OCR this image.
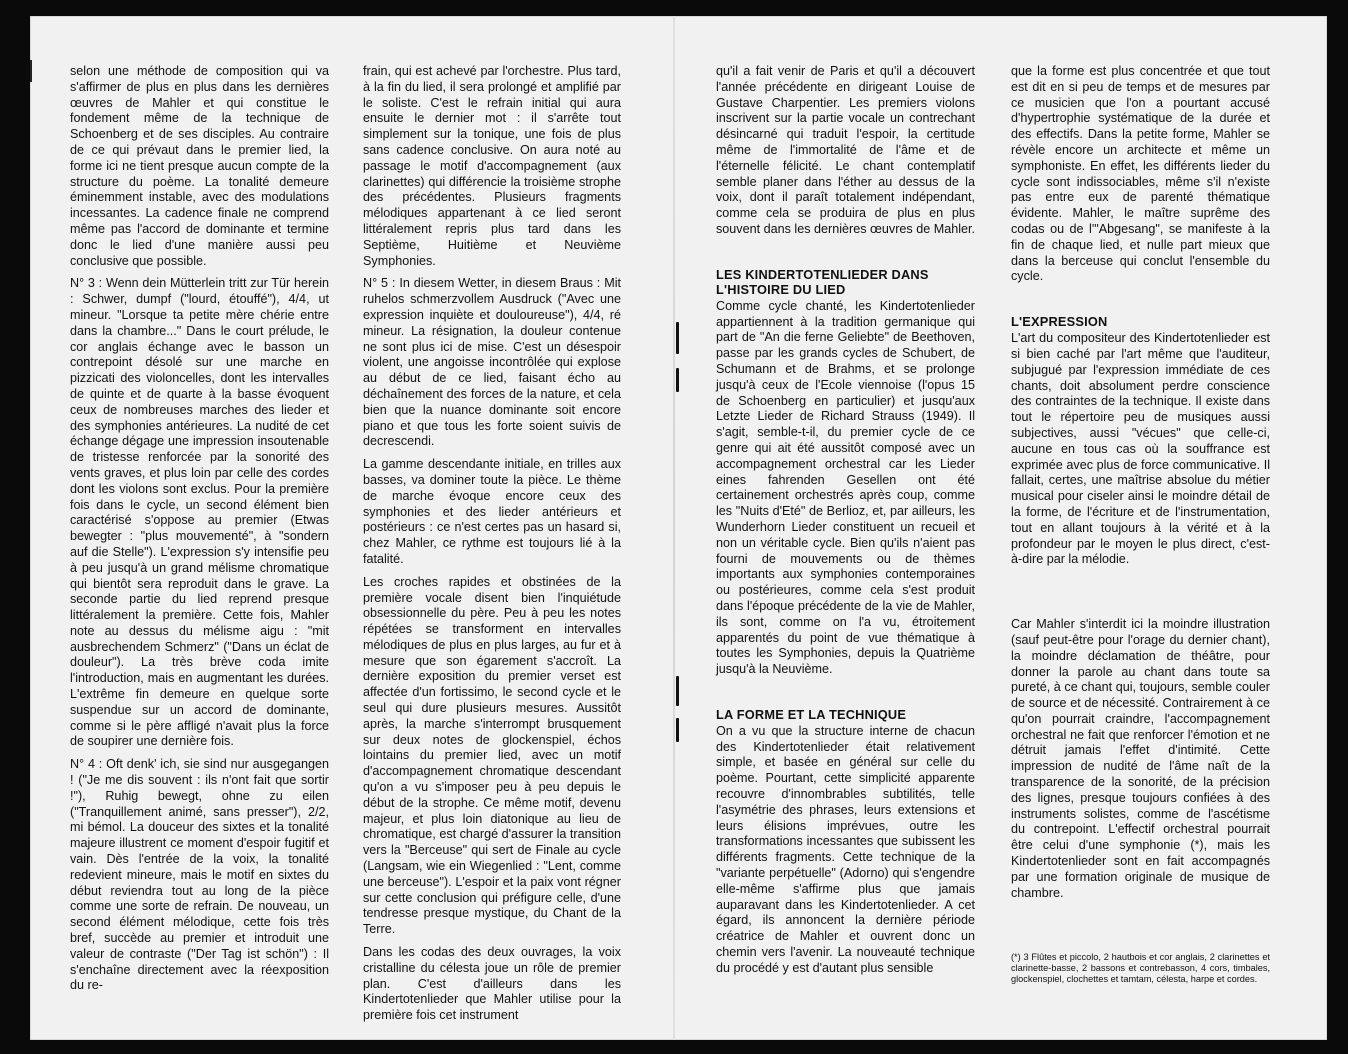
selon une méthode de composition qui va s'affirmer de plus en plus dans les dernières œuvres de Mahler et qui constitue le fondement même de la technique de Schoenberg et de ses disciples. Au contraire de ce qui prévaut dans le premier lied, la forme ici ne tient presque aucun compte de la structure du poème. La tonalité demeure éminemment instable, avec des modulations incessantes. La cadence finale ne comprend même pas l'accord de dominante et termine donc le lied d'une manière aussi peu conclusive que possible.

N° 3 : Wenn dein Mütterlein tritt zur Tür herein : Schwer, dumpf ("lourd, étouffé"), 4/4, ut mineur. "Lorsque ta petite mère chérie entre dans la chambre..." Dans le court prélude, le cor anglais échange avec le basson un contrepoint désolé sur une marche en pizzicati des violoncelles, dont les intervalles de quinte et de quarte à la basse évoquent ceux de nombreuses marches des lieder et des symphonies antérieures. La nudité de cet échange dégage une impression insoutenable de tristesse renforcée par la sonorité des vents graves, et plus loin par celle des cordes dont les violons sont exclus. Pour la première fois dans le cycle, un second élément bien caractérisé s'oppose au premier (Etwas bewegter : "plus mouvementé", à "sondern auf die Stelle"). L'expression s'y intensifie peu à peu jusqu'à un grand mélisme chromatique qui bientôt sera reproduit dans le grave. La seconde partie du lied reprend presque littéralement la première. Cette fois, Mahler note au dessus du mélisme aigu : "mit ausbrechendem Schmerz" ("Dans un éclat de douleur"). La très brève coda imite l'introduction, mais en augmentant les durées. L'extrême fin demeure en quelque sorte suspendue sur un accord de dominante, comme si le père affligé n'avait plus la force de soupirer une dernière fois.

N° 4 : Oft denk' ich, sie sind nur ausgegangen ! ("Je me dis souvent : ils n'ont fait que sortir !"), Ruhig bewegt, ohne zu eilen ("Tranquillement animé, sans presser"), 2/2, mi bémol. La douceur des sixtes et la tonalité majeure illustrent ce moment d'espoir fugitif et vain. Dès l'entrée de la voix, la tonalité redevient mineure, mais le motif en sixtes du début reviendra tout au long de la pièce comme une sorte de refrain. De nouveau, un second élément mélodique, cette fois très bref, succède au premier et introduit une valeur de contraste ("Der Tag ist schön") : Il s'enchaîne directement avec la réexposition du re-

frain, qui est achevé par l'orchestre. Plus tard, à la fin du lied, il sera prolongé et amplifié par le soliste. C'est le refrain initial qui aura ensuite le dernier mot : il s'arrête tout simplement sur la tonique, une fois de plus sans cadence conclusive. On aura noté au passage le motif d'accompagnement (aux clarinettes) qui différencie la troisième strophe des précédentes. Plusieurs fragments mélodiques appartenant à ce lied seront littéralement repris plus tard dans les Septième, Huitième et Neuvième Symphonies.

N° 5 : In diesem Wetter, in diesem Braus : Mit ruhelos schmerzvollem Ausdruck ("Avec une expression inquiète et douloureuse"), 4/4, ré mineur. La résignation, la douleur contenue ne sont plus ici de mise. C'est un désespoir violent, une angoisse incontrôlée qui explose au début de ce lied, faisant écho au déchaînement des forces de la nature, et cela bien que la nuance dominante soit encore piano et que tous les forte soient suivis de decrescendi.

La gamme descendante initiale, en trilles aux basses, va dominer toute la pièce. Le thème de marche évoque encore ceux des symphonies et des lieder antérieurs et postérieurs : ce n'est certes pas un hasard si, chez Mahler, ce rythme est toujours lié à la fatalité.

Les croches rapides et obstinées de la première vocale disent bien l'inquiétude obsessionnelle du père. Peu à peu les notes répétées se transforment en intervalles mélodiques de plus en plus larges, au fur et à mesure que son égarement s'accroît. La dernière exposition du premier verset est affectée d'un fortissimo, le second cycle et le seul qui dure plusieurs mesures. Aussitôt après, la marche s'interrompt brusquement sur deux notes de glockenspiel, échos lointains du premier lied, avec un motif d'accompagnement chromatique descendant qu'on a vu s'imposer peu à peu depuis le début de la strophe. Ce même motif, devenu majeur, et plus loin diatonique au lieu de chromatique, est chargé d'assurer la transition vers la "Berceuse" qui sert de Finale au cycle (Langsam, wie ein Wiegenlied : "Lent, comme une berceuse"). L'espoir et la paix vont régner sur cette conclusion qui préfigure celle, d'une tendresse presque mystique, du Chant de la Terre.

Dans les codas des deux ouvrages, la voix cristalline du célesta joue un rôle de premier plan. C'est d'ailleurs dans les Kindertotenlieder que Mahler utilise pour la première fois cet instrument

qu'il a fait venir de Paris et qu'il a découvert l'année précédente en dirigeant Louise de Gustave Charpentier. Les premiers violons inscrivent sur la partie vocale un contrechant désincarné qui traduit l'espoir, la certitude même de l'immortalité de l'âme et de l'éternelle félicité. Le chant contemplatif semble planer dans l'éther au dessus de la voix, dont il paraît totalement indépendant, comme cela se produira de plus en plus souvent dans les dernières œuvres de Mahler.

LES KINDERTOTENLIEDER DANS L'HISTOIRE DU LIED

Comme cycle chanté, les Kindertotenlieder appartiennent à la tradition germanique qui part de "An die ferne Geliebte" de Beethoven, passe par les grands cycles de Schubert, de Schumann et de Brahms, et se prolonge jusqu'à ceux de l'Ecole viennoise (l'opus 15 de Schoenberg en particulier) et jusqu'aux Letzte Lieder de Richard Strauss (1949). Il s'agit, semble-t-il, du premier cycle de ce genre qui ait été aussitôt composé avec un accompagnement orchestral car les Lieder eines fahrenden Gesellen ont été certainement orchestrés après coup, comme les "Nuits d'Eté" de Berlioz, et, par ailleurs, les Wunderhorn Lieder constituent un recueil et non un véritable cycle. Bien qu'ils n'aient pas fourni de mouvements ou de thèmes importants aux symphonies contemporaines ou postérieures, comme cela s'est produit dans l'époque précédente de la vie de Mahler, ils sont, comme on l'a vu, étroitement apparentés du point de vue thématique à toutes les Symphonies, depuis la Quatrième jusqu'à la Neuvième.

LA FORME ET LA TECHNIQUE

On a vu que la structure interne de chacun des Kindertotenlieder était relativement simple, et basée en général sur celle du poème. Pourtant, cette simplicité apparente recouvre d'innombrables subtilités, telle l'asymétrie des phrases, leurs extensions et leurs élisions imprévues, outre les transformations incessantes que subissent les différents fragments. Cette technique de la "variante perpétuelle" (Adorno) qui s'engendre elle-même s'affirme plus que jamais auparavant dans les Kindertotenlieder. A cet égard, ils annoncent la dernière période créatrice de Mahler et ouvrent donc un chemin vers l'avenir. La nouveauté technique du procédé y est d'autant plus sensible

que la forme est plus concentrée et que tout est dit en si peu de temps et de mesures par ce musicien que l'on a pourtant accusé d'hypertrophie systématique de la durée et des effectifs. Dans la petite forme, Mahler se révèle encore un architecte et même un symphoniste. En effet, les différents lieder du cycle sont indissociables, même s'il n'existe pas entre eux de parenté thématique évidente. Mahler, le maître suprême des codas ou de l'"Abgesang", se manifeste à la fin de chaque lied, et nulle part mieux que dans la berceuse qui conclut l'ensemble du cycle.

L'EXPRESSION

L'art du compositeur des Kindertotenlieder est si bien caché par l'art même que l'auditeur, subjugué par l'expression immédiate de ces chants, doit absolument perdre conscience des contraintes de la technique. Il existe dans tout le répertoire peu de musiques aussi subjectives, aussi "vécues" que celle-ci, aucune en tous cas où la souffrance est exprimée avec plus de force communicative. Il fallait, certes, une maîtrise absolue du métier musical pour ciseler ainsi le moindre détail de la forme, de l'écriture et de l'instrumentation, tout en allant toujours à la vérité et à la profondeur par le moyen le plus direct, c'est-à-dire par la mélodie.

Car Mahler s'interdit ici la moindre illustration (sauf peut-être pour l'orage du dernier chant), la moindre déclamation de théâtre, pour donner la parole au chant dans toute sa pureté, à ce chant qui, toujours, semble couler de source et de nécessité. Contrairement à ce qu'on pourrait craindre, l'accompagnement orchestral ne fait que renforcer l'émotion et ne détruit jamais l'effet d'intimité. Cette impression de nudité de l'âme naît de la transparence de la sonorité, de la précision des lignes, presque toujours confiées à des instruments solistes, comme de l'ascétisme du contrepoint. L'effectif orchestral pourrait être celui d'une symphonie (*), mais les Kindertotenlieder sont en fait accompagnés par une formation originale de musique de chambre.

(*) 3 Flûtes et piccolo, 2 hautbois et cor anglais, 2 clarinettes et clarinette-basse, 2 bassons et contrebasson, 4 cors, timbales, glockenspiel, clochettes et tamtam, célesta, harpe et cordes.
